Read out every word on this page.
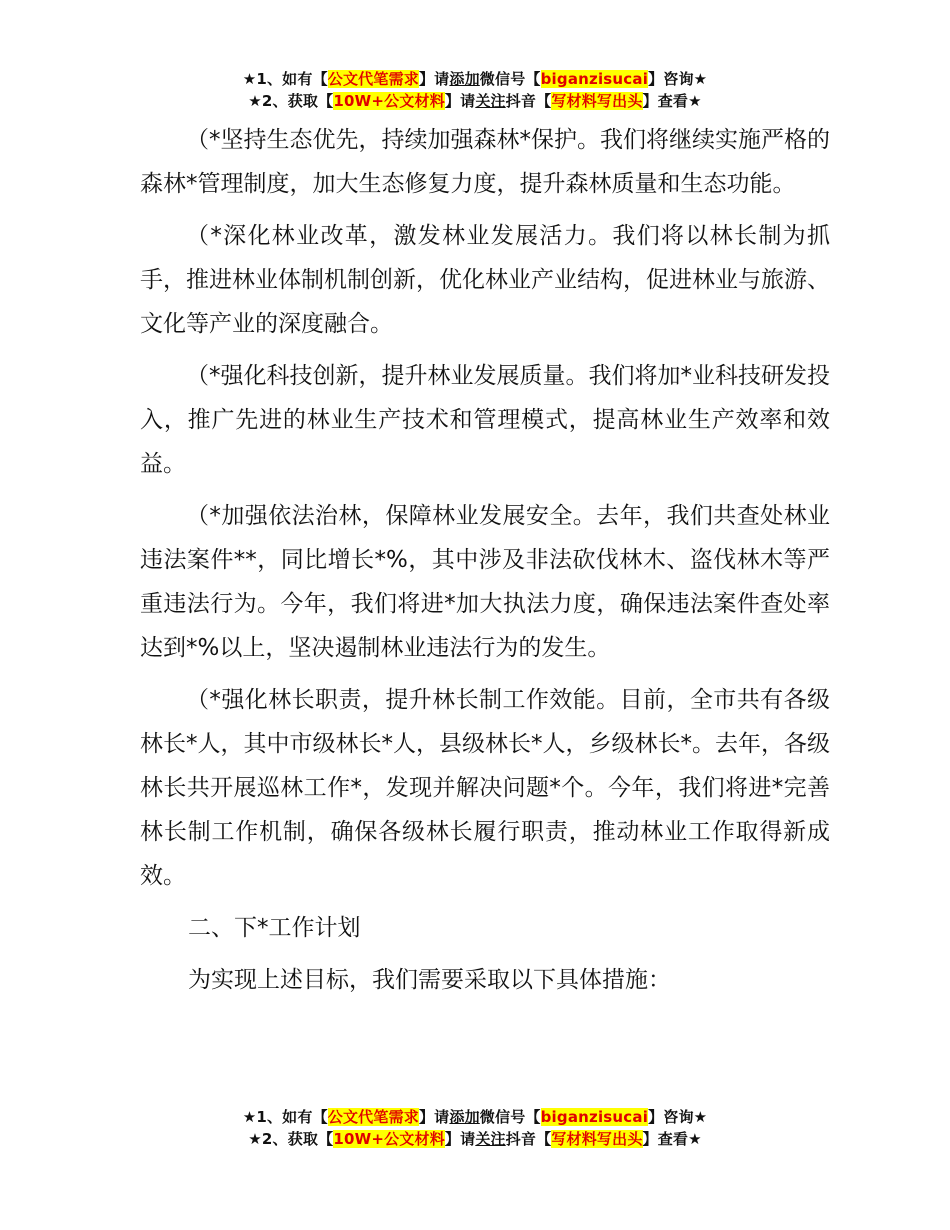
★1、如有【公文代笔需求】请添加微信号【biganzisucai】咨询★
★2、获取【10W+公文材料】请关注抖音【写材料写出头】查看★

（*坚持生态优先，持续加强森林*保护。我们将继续实施严格的森林*管理制度，加大生态修复力度，提升森林质量和生态功能。

（*深化林业改革，激发林业发展活力。我们将以林长制为抓手，推进林业体制机制创新，优化林业产业结构，促进林业与旅游、文化等产业的深度融合。

（*强化科技创新，提升林业发展质量。我们将加*业科技研发投入，推广先进的林业生产技术和管理模式，提高林业生产效率和效益。

（*加强依法治林，保障林业发展安全。去年，我们共查处林业违法案件**，同比增长*%，其中涉及非法砍伐林木、盗伐林木等严重违法行为。今年，我们将进*加大执法力度，确保违法案件查处率达到*%以上，坚决遏制林业违法行为的发生。

（*强化林长职责，提升林长制工作效能。目前，全市共有各级林长*人，其中市级林长*人，县级林长*人，乡级林长*。去年，各级林长共开展巡林工作*，发现并解决问题*个。今年，我们将进*完善林长制工作机制，确保各级林长履行职责，推动林业工作取得新成效。

二、下*工作计划

为实现上述目标，我们需要采取以下具体措施：

★1、如有【公文代笔需求】请添加微信号【biganzisucai】咨询★
★2、获取【10W+公文材料】请关注抖音【写材料写出头】查看★
